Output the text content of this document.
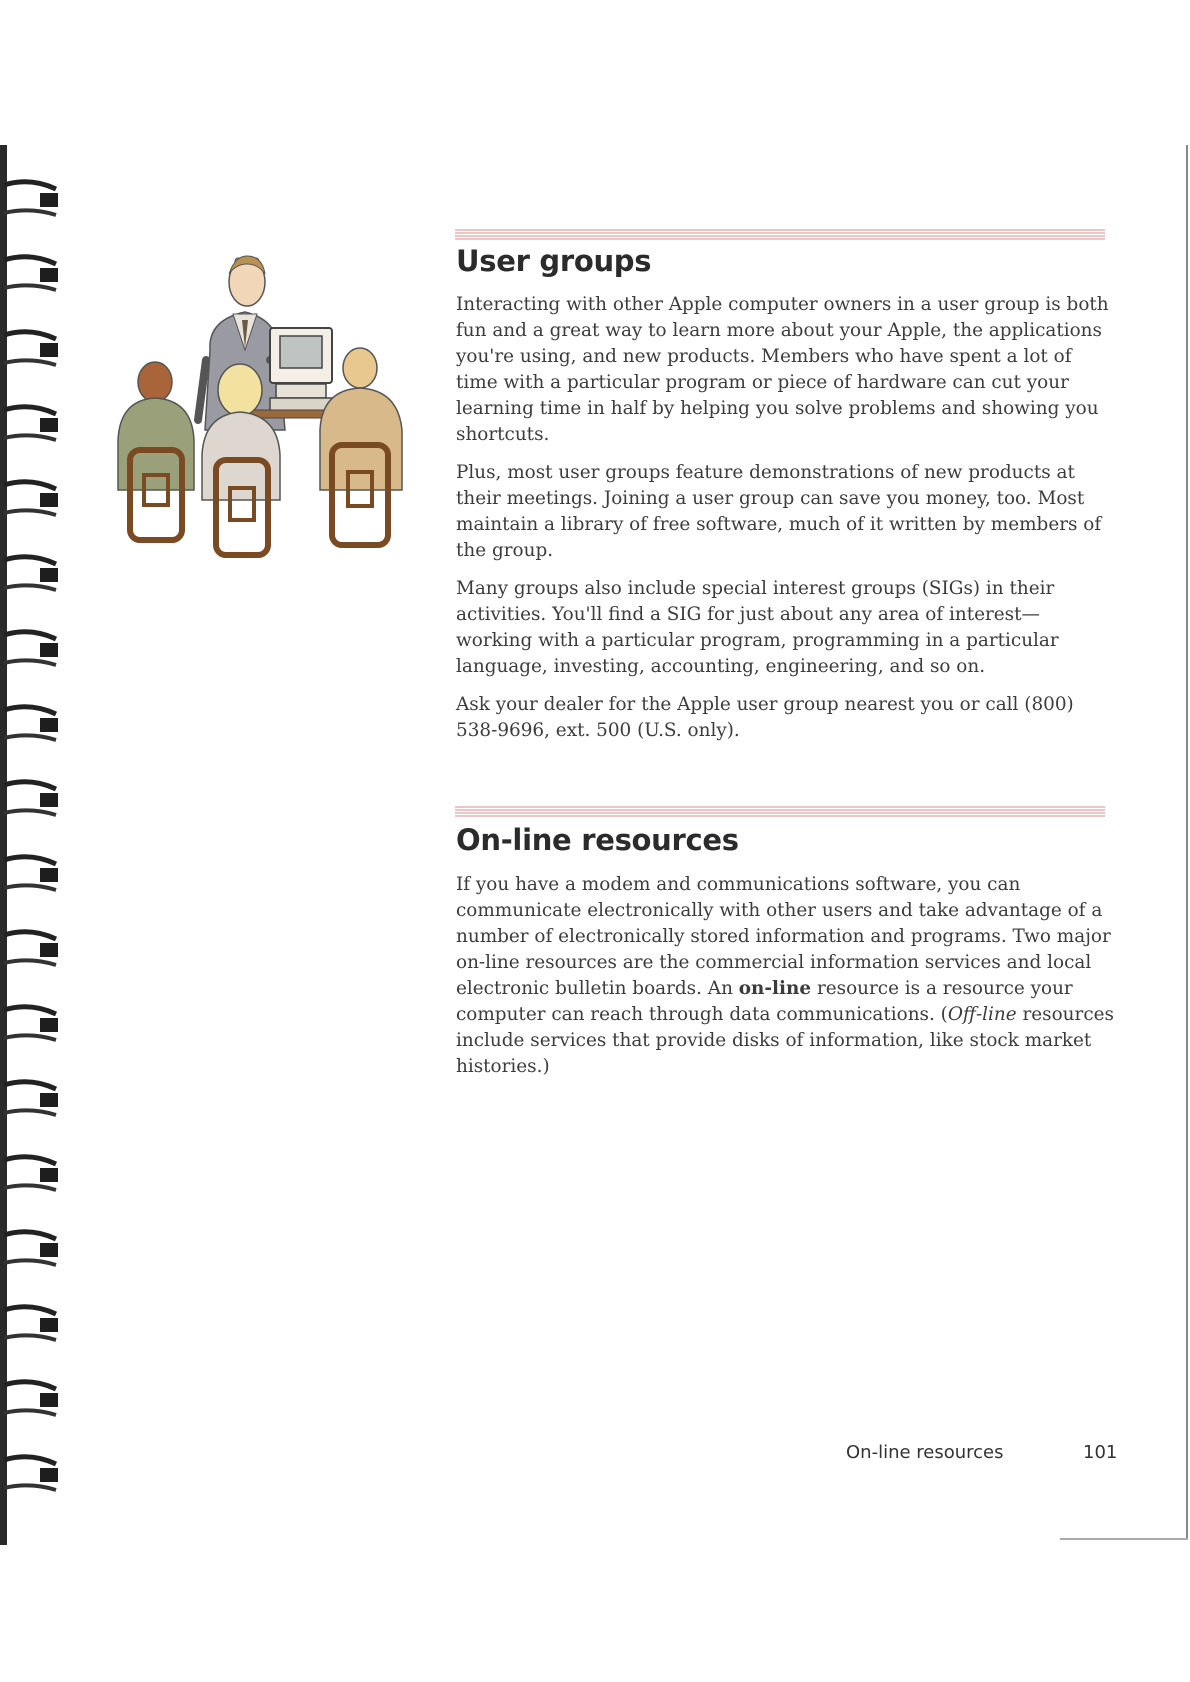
User groups

Interacting with other Apple computer owners in a user group is both fun and a great way to learn more about your Apple, the applications you're using, and new products. Members who have spent a lot of time with a particular program or piece of hardware can cut your learning time in half by helping you solve problems and showing you shortcuts.

Plus, most user groups feature demonstrations of new products at their meetings. Joining a user group can save you money, too. Most maintain a library of free software, much of it written by members of the group.

Many groups also include special interest groups (SIGs) in their activities. You'll find a SIG for just about any area of interest—working with a particular program, programming in a particular language, investing, accounting, engineering, and so on.

Ask your dealer for the Apple user group nearest you or call (800) 538-9696, ext. 500 (U.S. only).

On-line resources

If you have a modem and communications software, you can communicate electronically with other users and take advantage of a number of electronically stored information and programs. Two major on-line resources are the commercial information services and local electronic bulletin boards. An on-line resource is a resource your computer can reach through data communications. (Off-line resources include services that provide disks of information, like stock market histories.)

On-line resources	101
